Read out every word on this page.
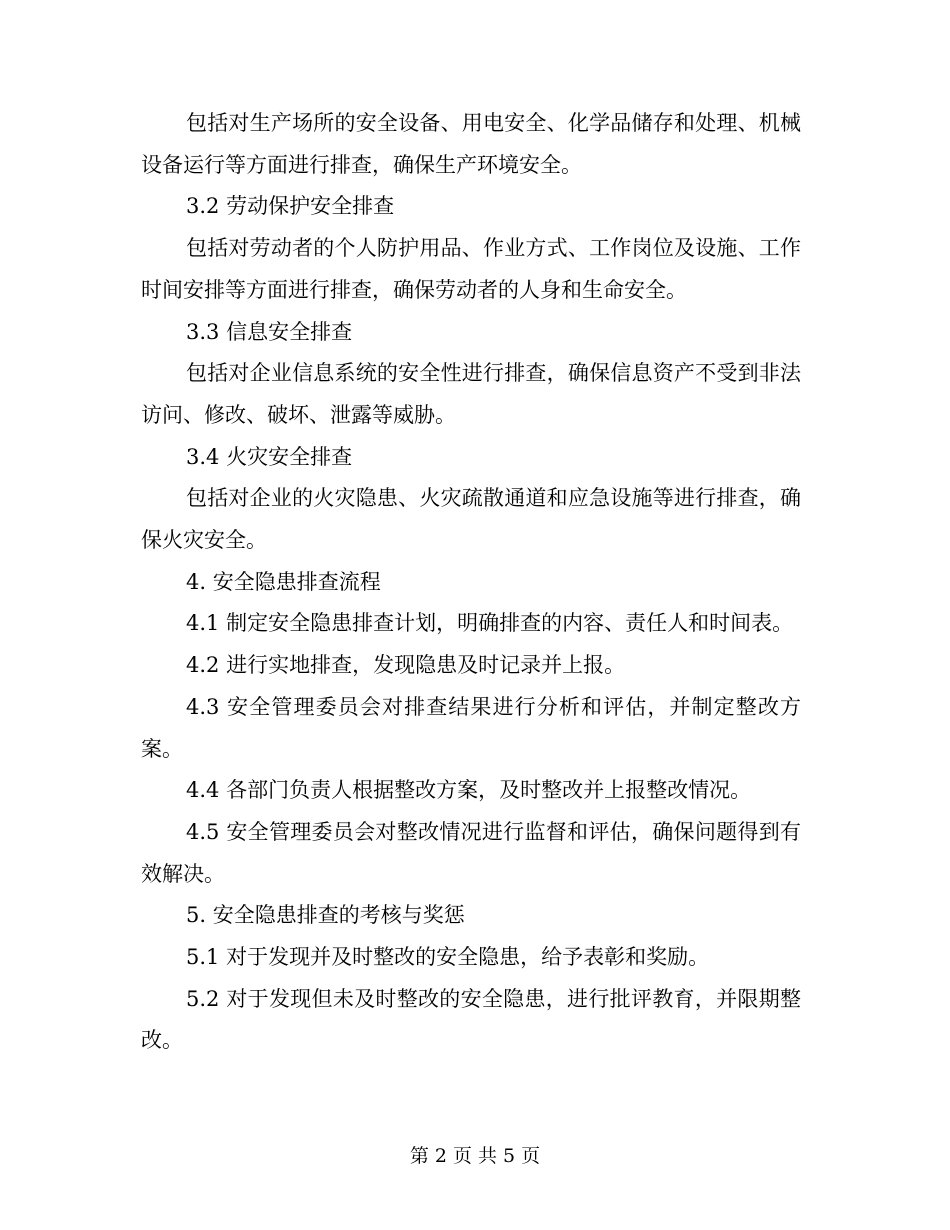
包括对生产场所的安全设备、用电安全、化学品储存和处理、机械设备运行等方面进行排查，确保生产环境安全。

3.2 劳动保护安全排查

包括对劳动者的个人防护用品、作业方式、工作岗位及设施、工作时间安排等方面进行排查，确保劳动者的人身和生命安全。

3.3 信息安全排查

包括对企业信息系统的安全性进行排查，确保信息资产不受到非法访问、修改、破坏、泄露等威胁。

3.4 火灾安全排查

包括对企业的火灾隐患、火灾疏散通道和应急设施等进行排查，确保火灾安全。

4. 安全隐患排查流程

4.1 制定安全隐患排查计划，明确排查的内容、责任人和时间表。

4.2 进行实地排查，发现隐患及时记录并上报。

4.3 安全管理委员会对排查结果进行分析和评估，并制定整改方案。

4.4 各部门负责人根据整改方案，及时整改并上报整改情况。

4.5 安全管理委员会对整改情况进行监督和评估，确保问题得到有效解决。

5. 安全隐患排查的考核与奖惩

5.1 对于发现并及时整改的安全隐患，给予表彰和奖励。

5.2 对于发现但未及时整改的安全隐患，进行批评教育，并限期整改。

第 2 页 共 5 页
